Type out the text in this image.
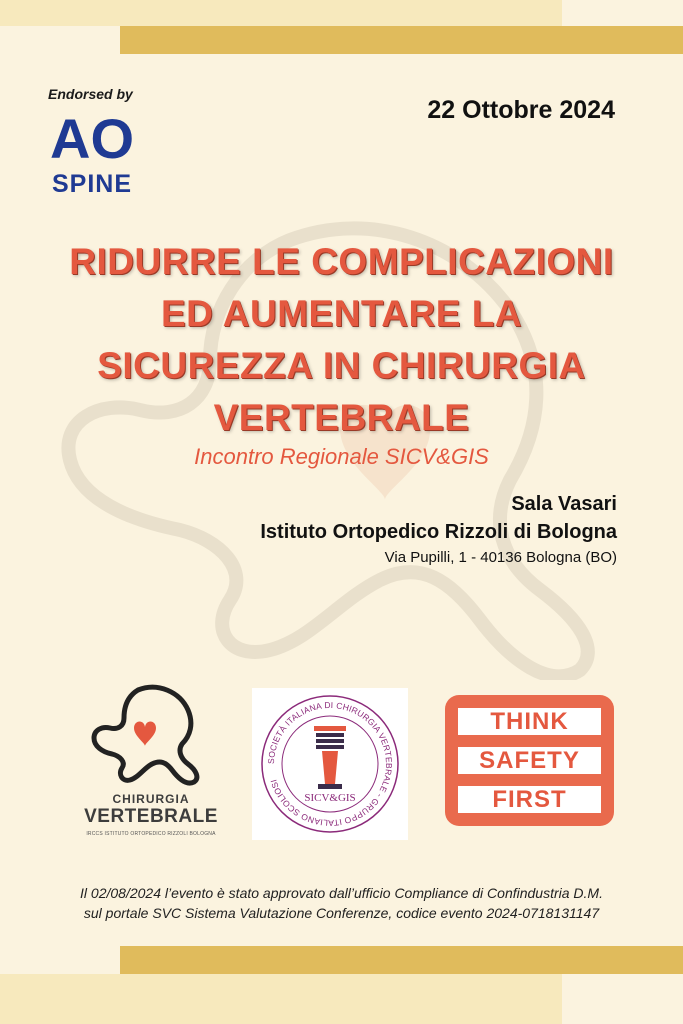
Endorsed by
AO
SPINE
22 Ottobre 2024
RIDURRE LE COMPLICAZIONI
ED AUMENTARE LA
SICUREZZA IN CHIRURGIA
VERTEBRALE
Incontro Regionale SICV&GIS
Sala Vasari
Istituto Ortopedico Rizzoli di Bologna
Via Pupilli, 1 - 40136 Bologna (BO)
CHIRURGIA
VERTEBRALE
IRCCS ISTITUTO ORTOPEDICO RIZZOLI BOLOGNA
SOCIETÀ ITALIANA DI CHIRURGIA VERTEBRALE - GRUPPO ITALIANO SCOLIOSI
SICV&GIS
THINK
SAFETY
FIRST
Il 02/08/2024 l’evento è stato approvato dall’ufficio Compliance di Confindustria D.M.
sul portale SVC Sistema Valutazione Conferenze, codice evento 2024-0718131147
